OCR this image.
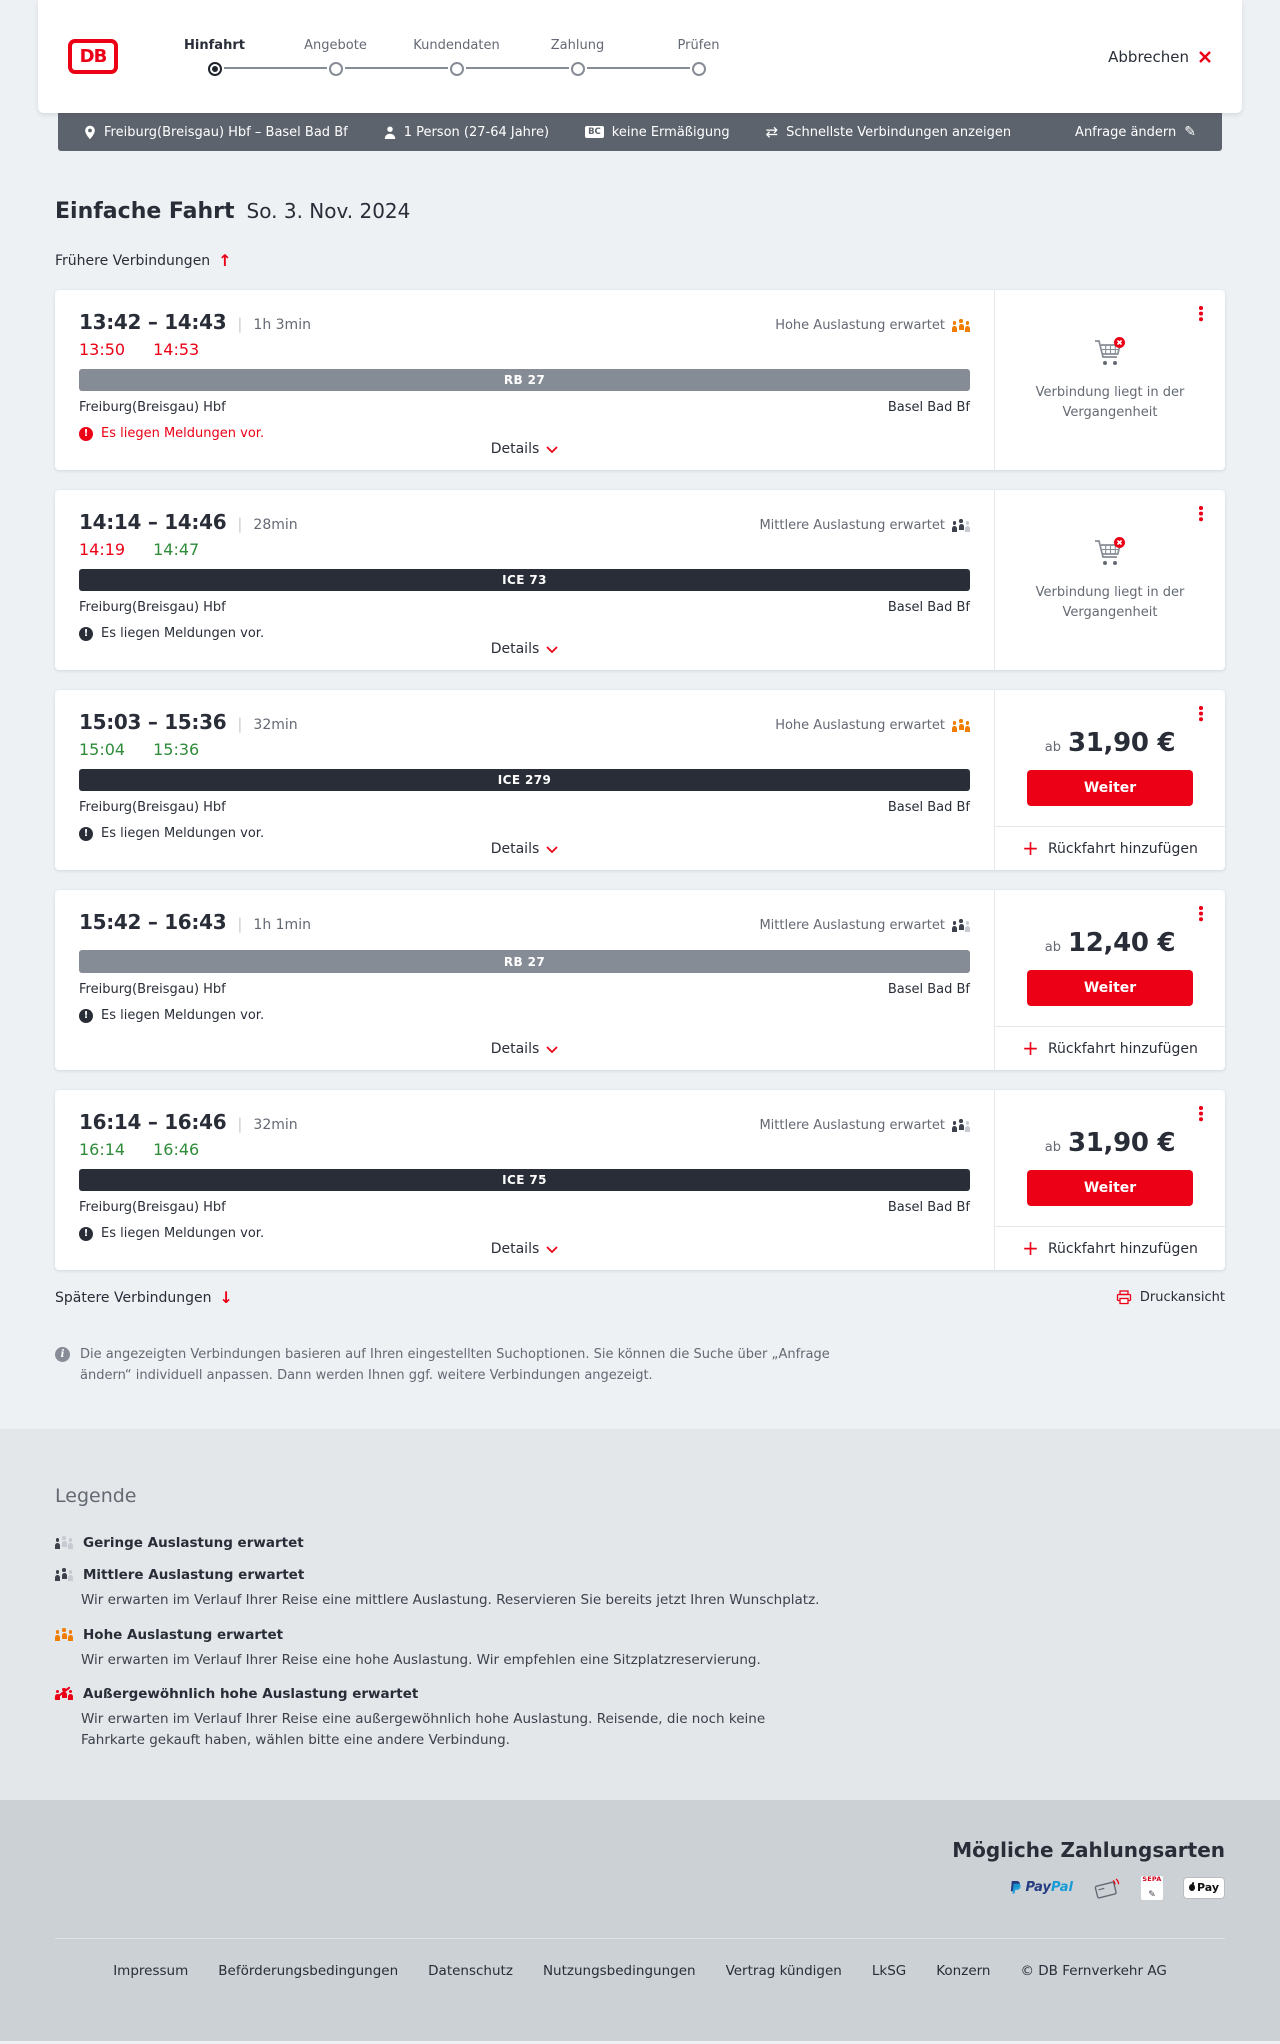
DB
Hinfahrt	Angebote	Kundendaten	Zahlung	Prüfen
Abbrechen
Freiburg(Breisgau) Hbf – Basel Bad Bf	1 Person (27-64 Jahre)	BC keine Ermäßigung ⇄	Schnellste Verbindungen anzeigen	Anfrage ändern
✎
Einfache Fahrt So. 3. Nov. 2024
Frühere Verbindungen
↑
13:42 – 14:43 | 1h 3min	Hohe Auslastung erwartet
13:50 14:53
RB 27
Freiburg(Breisgau) Hbf	Basel Bad Bf
!
Es liegen Meldungen vor.
Details
Verbindung liegt in der Vergangenheit
14:14 – 14:46 | 28min	Mittlere Auslastung erwartet
14:19 14:47
ICE 73
Freiburg(Breisgau) Hbf	Basel Bad Bf
!
Es liegen Meldungen vor.
Details
Verbindung liegt in der Vergangenheit
15:03 – 15:36 | 32min	Hohe Auslastung erwartet
15:04 15:36
ICE 279
Freiburg(Breisgau) Hbf	Basel Bad Bf
!
Es liegen Meldungen vor.
Details
ab 31,90 €
Weiter
+
Rückfahrt hinzufügen
15:42 – 16:43 | 1h 1min	Mittlere Auslastung erwartet
RB 27
Freiburg(Breisgau) Hbf	Basel Bad Bf
!
Es liegen Meldungen vor.
Details
ab 12,40 €
Weiter
+
Rückfahrt hinzufügen
16:14 – 16:46 | 32min	Mittlere Auslastung erwartet
16:14 16:46
ICE 75
Freiburg(Breisgau) Hbf	Basel Bad Bf
!
Es liegen Meldungen vor.
Details
ab 31,90 €
Weiter
+
Rückfahrt hinzufügen
Spätere Verbindungen ↓	Druckansicht
i
Die angezeigten Verbindungen basieren auf Ihren eingestellten Suchoptionen. Sie können die Suche über „Anfrage ändern“ individuell anpassen. Dann werden Ihnen ggf. weitere Verbindungen angezeigt.
Legende
Geringe Auslastung erwartet
Mittlere Auslastung erwartet
Wir erwarten im Verlauf Ihrer Reise eine mittlere Auslastung. Reservieren Sie bereits jetzt Ihren Wunschplatz.
Hohe Auslastung erwartet
Wir erwarten im Verlauf Ihrer Reise eine hohe Auslastung. Wir empfehlen eine Sitzplatzreservierung.
Außergewöhnlich hohe Auslastung erwartet
Wir erwarten im Verlauf Ihrer Reise eine außergewöhnlich hohe Auslastung. Reisende, die noch keine Fahrkarte gekauft haben, wählen bitte eine andere Verbindung.
Mögliche Zahlungsarten
PayPal
SEPA
✎
Pay
Impressum Beförderungsbedingungen Datenschutz Nutzungsbedingungen Vertrag kündigen LkSG Konzern © DB Fernverkehr AG
